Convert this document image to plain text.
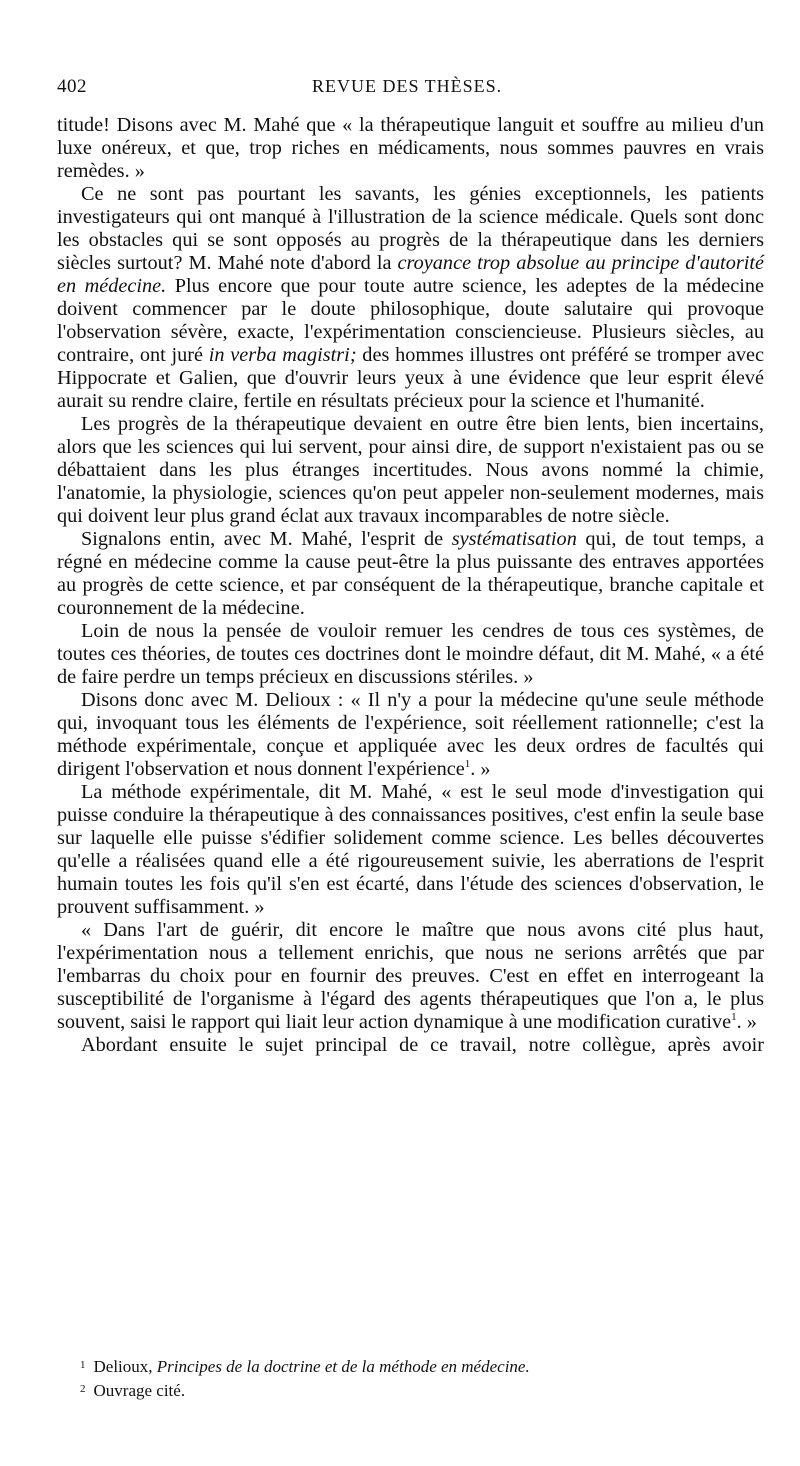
402	REVUE DES THÈSES.

titude! Disons avec M. Mahé que « la thérapeutique languit et souffre au milieu d'un luxe onéreux, et que, trop riches en médicaments, nous sommes pauvres en vrais remèdes. »

Ce ne sont pas pourtant les savants, les génies exceptionnels, les patients investigateurs qui ont manqué à l'illustration de la science médicale. Quels sont donc les obstacles qui se sont opposés au progrès de la thérapeutique dans les derniers siècles surtout? M. Mahé note d'abord la croyance trop absolue au principe d'autorité en médecine. Plus encore que pour toute autre science, les adeptes de la médecine doivent commencer par le doute philosophique, doute salutaire qui provoque l'observation sévère, exacte, l'expérimentation consciencieuse. Plusieurs siècles, au contraire, ont juré in verba magistri; des hommes illustres ont préféré se tromper avec Hippocrate et Galien, que d'ouvrir leurs yeux à une évidence que leur esprit élevé aurait su rendre claire, fertile en résultats précieux pour la science et l'humanité.

Les progrès de la thérapeutique devaient en outre être bien lents, bien incertains, alors que les sciences qui lui servent, pour ainsi dire, de support n'existaient pas ou se débattaient dans les plus étranges incertitudes. Nous avons nommé la chimie, l'anatomie, la physiologie, sciences qu'on peut appeler non-seulement modernes, mais qui doivent leur plus grand éclat aux travaux incomparables de notre siècle.

Signalons entin, avec M. Mahé, l'esprit de systématisation qui, de tout temps, a régné en médecine comme la cause peut-être la plus puissante des entraves apportées au progrès de cette science, et par conséquent de la thérapeutique, branche capitale et couronnement de la médecine.

Loin de nous la pensée de vouloir remuer les cendres de tous ces systèmes, de toutes ces théories, de toutes ces doctrines dont le moindre défaut, dit M. Mahé, « a été de faire perdre un temps précieux en discussions stériles. »

Disons donc avec M. Delioux : « Il n'y a pour la médecine qu'une seule méthode qui, invoquant tous les éléments de l'expérience, soit réellement rationnelle; c'est la méthode expérimentale, conçue et appliquée avec les deux ordres de facultés qui dirigent l'observation et nous donnent l'expérience$^1$. »

La méthode expérimentale, dit M. Mahé, « est le seul mode d'investigation qui puisse conduire la thérapeutique à des connaissances positives, c'est enfin la seule base sur laquelle elle puisse s'édifier solidement comme science. Les belles découvertes qu'elle a réalisées quand elle a été rigoureusement suivie, les aberrations de l'esprit humain toutes les fois qu'il s'en est écarté, dans l'étude des sciences d'observation, le prouvent suffisamment. »

« Dans l'art de guérir, dit encore le maître que nous avons cité plus haut, l'expérimentation nous a tellement enrichis, que nous ne serions arrêtés que par l'embarras du choix pour en fournir des preuves. C'est en effet en interrogeant la susceptibilité de l'organisme à l'égard des agents thérapeutiques que l'on a, le plus souvent, saisi le rapport qui liait leur action dynamique à une modification curative$^1$. »

Abordant ensuite le sujet principal de ce travail, notre collègue, après avoir

$^1$ Delioux, Principes de la doctrine et de la méthode en médecine.

$^2$ Ouvrage cité.
